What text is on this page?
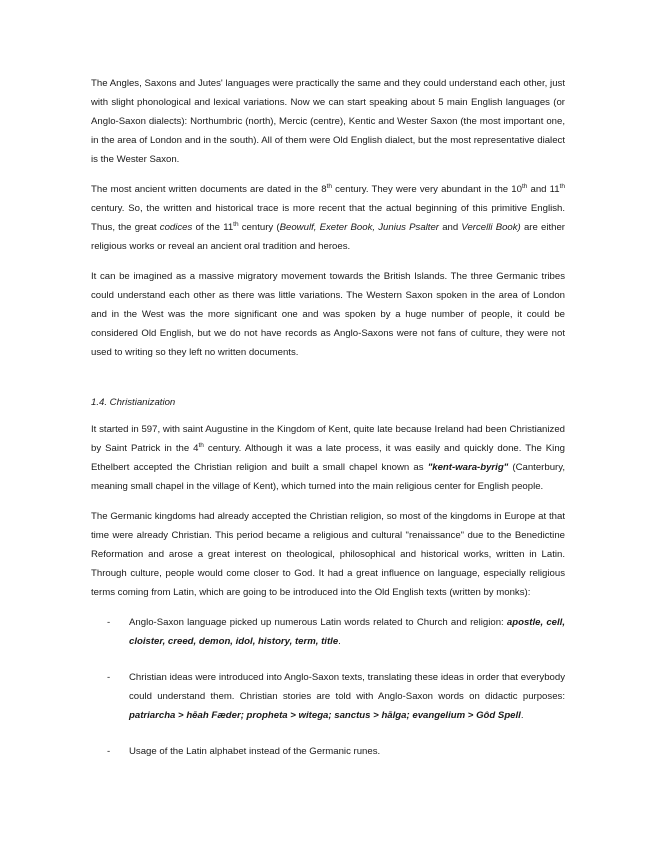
The Angles, Saxons and Jutes' languages were practically the same and they could understand each other, just with slight phonological and lexical variations. Now we can start speaking about 5 main English languages (or Anglo-Saxon dialects): Northumbric (north), Mercic (centre), Kentic and Wester Saxon (the most important one, in the area of London and in the south). All of them were Old English dialect, but the most representative dialect is the Wester Saxon.

The most ancient written documents are dated in the 8th century. They were very abundant in the 10th and 11th century. So, the written and historical trace is more recent that the actual beginning of this primitive English. Thus, the great codices of the 11th century (Beowulf, Exeter Book, Junius Psalter and Vercelli Book) are either religious works or reveal an ancient oral tradition and heroes.

It can be imagined as a massive migratory movement towards the British Islands. The three Germanic tribes could understand each other as there was little variations. The Western Saxon spoken in the area of London and in the West was the more significant one and was spoken by a huge number of people, it could be considered Old English, but we do not have records as Anglo-Saxons were not fans of culture, they were not used to writing so they left no written documents.

1.4. Christianization

It started in 597, with saint Augustine in the Kingdom of Kent, quite late because Ireland had been Christianized by Saint Patrick in the 4th century. Although it was a late process, it was easily and quickly done. The King Ethelbert accepted the Christian religion and built a small chapel known as "kent-wara-byrig" (Canterbury, meaning small chapel in the village of Kent), which turned into the main religious center for English people.

The Germanic kingdoms had already accepted the Christian religion, so most of the kingdoms in Europe at that time were already Christian. This period became a religious and cultural "renaissance" due to the Benedictine Reformation and arose a great interest on theological, philosophical and historical works, written in Latin. Through culture, people would come closer to God. It had a great influence on language, especially religious terms coming from Latin, which are going to be introduced into the Old English texts (written by monks):

- Anglo-Saxon language picked up numerous Latin words related to Church and religion: apostle, cell, cloister, creed, demon, idol, history, term, title.
- Christian ideas were introduced into Anglo-Saxon texts, translating these ideas in order that everybody could understand them. Christian stories are told with Anglo-Saxon words on didactic purposes: patriarcha > hēah Fæder; propheta > witega; sanctus > hālga; evangelium > Gôd Spell.
- Usage of the Latin alphabet instead of the Germanic runes.
